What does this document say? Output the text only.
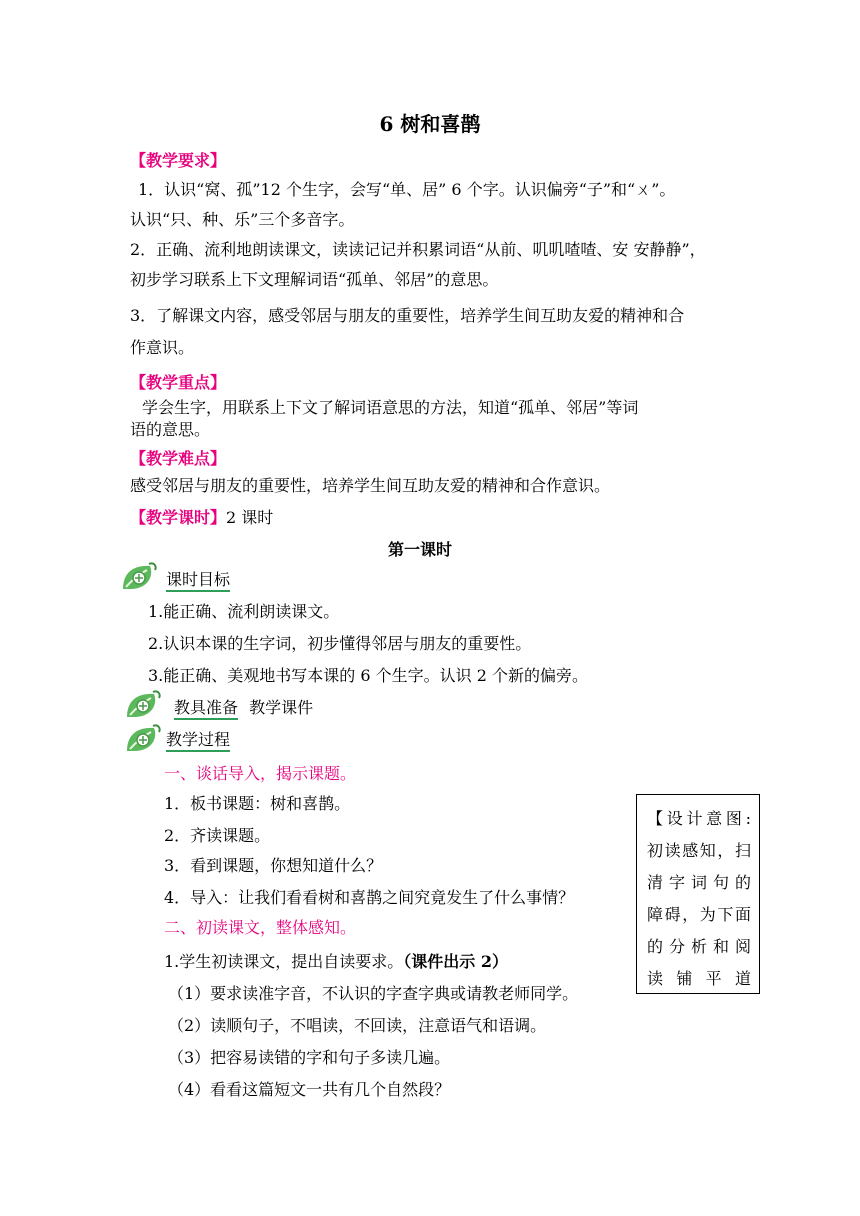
6 树和喜鹊
【教学要求】
1．认识“窝、孤”12 个生字，会写“单、居” 6 个字。认识偏旁“子”和“ㄨ”。
认识“只、种、乐”三个多音字。
2．正确、流利地朗读课文，读读记记并积累词语“从前、叽叽喳喳、安 安静静”，
初步学习联系上下文理解词语“孤单、邻居”的意思。
3．了解课文内容，感受邻居与朋友的重要性，培养学生间互助友爱的精神和合
作意识。
【教学重点】
学会生字，用联系上下文了解词语意思的方法，知道“孤单、邻居”等词
语的意思。
【教学难点】
感受邻居与朋友的重要性，培养学生间互助友爱的精神和合作意识。
【教学课时】2 课时
第一课时
课时目标
1.能正确、流利朗读课文。
2.认识本课的生字词，初步懂得邻居与朋友的重要性。
3.能正确、美观地书写本课的 6 个生字。认识 2 个新的偏旁。
教具准备 教学课件
教学过程
一、谈话导入，揭示课题。
1．板书课题：树和喜鹊。
2．齐读课题。
3．看到课题，你想知道什么？
4．导入：让我们看看树和喜鹊之间究竟发生了什么事情？
二、初读课文，整体感知。
1.学生初读课文，提出自读要求。（课件出示 2）
（1）要求读准字音，不认识的字查字典或请教老师同学。
（2）读顺句子，不唱读，不回读，注意语气和语调。
（3）把容易读错的字和句子多读几遍。
（4）看看这篇短文一共有几个自然段？
【设计意图:
初读感知，扫
清字词句的
障碍，为下面
的分析和阅
读铺平道
